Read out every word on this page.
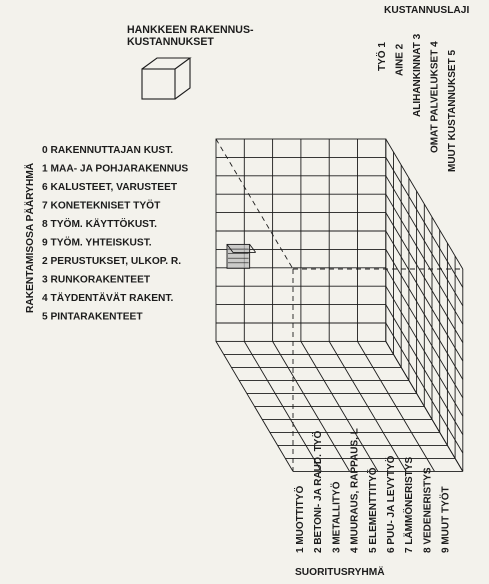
KUSTANNUSLAJI
HANKKEEN RAKENNUS-
KUSTANNUKSET
RAKENTAMISOSA PÄÄRYHMÄ
0 RAKENNUTTAJAN KUST.
1 MAA- JA POHJARAKENNUS
6 KALUSTEET, VARUSTEET
7 KONETEKNISET TYÖT
8 TYÖM. KÄYTTÖKUST.
9 TYÖM. YHTEISKUST.
2 PERUSTUKSET, ULKOP. R.
3 RUNKORAKENTEET
4 TÄYDENTÄVÄT RAKENT.
5 PINTARAKENTEET
TYÖ 1 AINE 2 ALIHANKINNAT 3 OMAT PALVELUKSET 4 MUUT KUSTANNUKSET 5
1 MUOTTITYÖ 2 BETONI- JA RAUD. TYÖ 3 METALLITYÖ 4 MUURAUS, RAPPAUS, L 5 ELEMENTTITYÖ 6 PUU- JA LEVYTYÖ 7 LÄMMÖNERISTYS 8 VEDENERISTYS 9 MUUT TYÖT
SUORITUSRYHMÄ
